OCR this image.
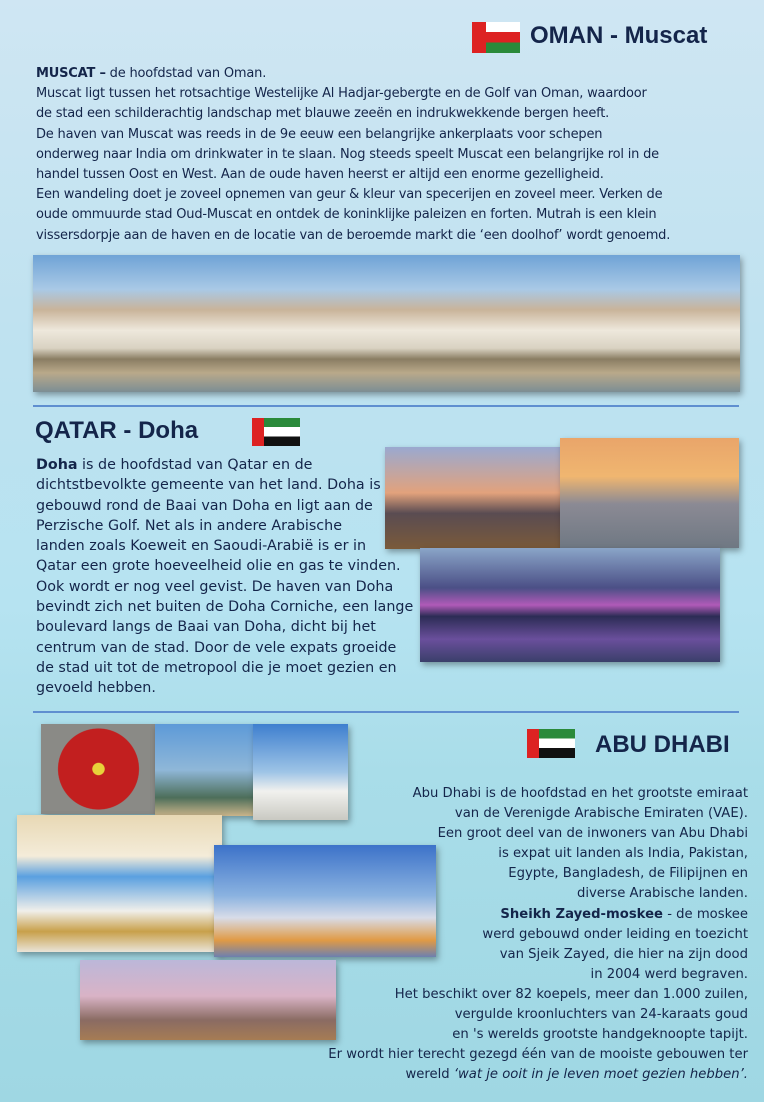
OMAN - Muscat
MUSCAT – de hoofdstad van Oman.
Muscat ligt tussen het rotsachtige Westelijke Al Hadjar-gebergte en de Golf van Oman, waardoor
de stad een schilderachtig landschap met blauwe zeeën en indrukwekkende bergen heeft.
De haven van Muscat was reeds in de 9e eeuw een belangrijke ankerplaats voor schepen
onderweg naar India om drinkwater in te slaan. Nog steeds speelt Muscat een belangrijke rol in de
handel tussen Oost en West. Aan de oude haven heerst er altijd een enorme gezelligheid.
Een wandeling doet je zoveel opnemen van geur & kleur van specerijen en zoveel meer. Verken de
oude ommuurde stad Oud-Muscat en ontdek de koninklijke paleizen en forten. Mutrah is een klein
vissersdorpje aan de haven en de locatie van de beroemde markt die ‘een doolhof’ wordt genoemd.
QATAR - Doha
Doha is de hoofdstad van Qatar en de
dichtstbevolkte gemeente van het land. Doha is
gebouwd rond de Baai van Doha en ligt aan de
Perzische Golf. Net als in andere Arabische
landen zoals Koeweit en Saoudi-Arabië is er in
Qatar een grote hoeveelheid olie en gas te vinden.
Ook wordt er nog veel gevist. De haven van Doha
bevindt zich net buiten de Doha Corniche, een lange
boulevard langs de Baai van Doha, dicht bij het
centrum van de stad. Door de vele expats groeide
de stad uit tot de metropool die je moet gezien en
gevoeld hebben.
ABU DHABI
Abu Dhabi is de hoofdstad en het grootste emiraat
van de Verenigde Arabische Emiraten (VAE).
Een groot deel van de inwoners van Abu Dhabi
is expat uit landen als India, Pakistan,
Egypte, Bangladesh, de Filipijnen en
diverse Arabische landen.
Sheikh Zayed-moskee - de moskee
werd gebouwd onder leiding en toezicht
van Sjeik Zayed, die hier na zijn dood
in 2004 werd begraven.
Het beschikt over 82 koepels, meer dan 1.000 zuilen,
vergulde kroonluchters van 24-karaats goud
en 's werelds grootste handgeknoopte tapijt.
Er wordt hier terecht gezegd één van de mooiste gebouwen ter
wereld ‘wat je ooit in je leven moet gezien hebben’.
